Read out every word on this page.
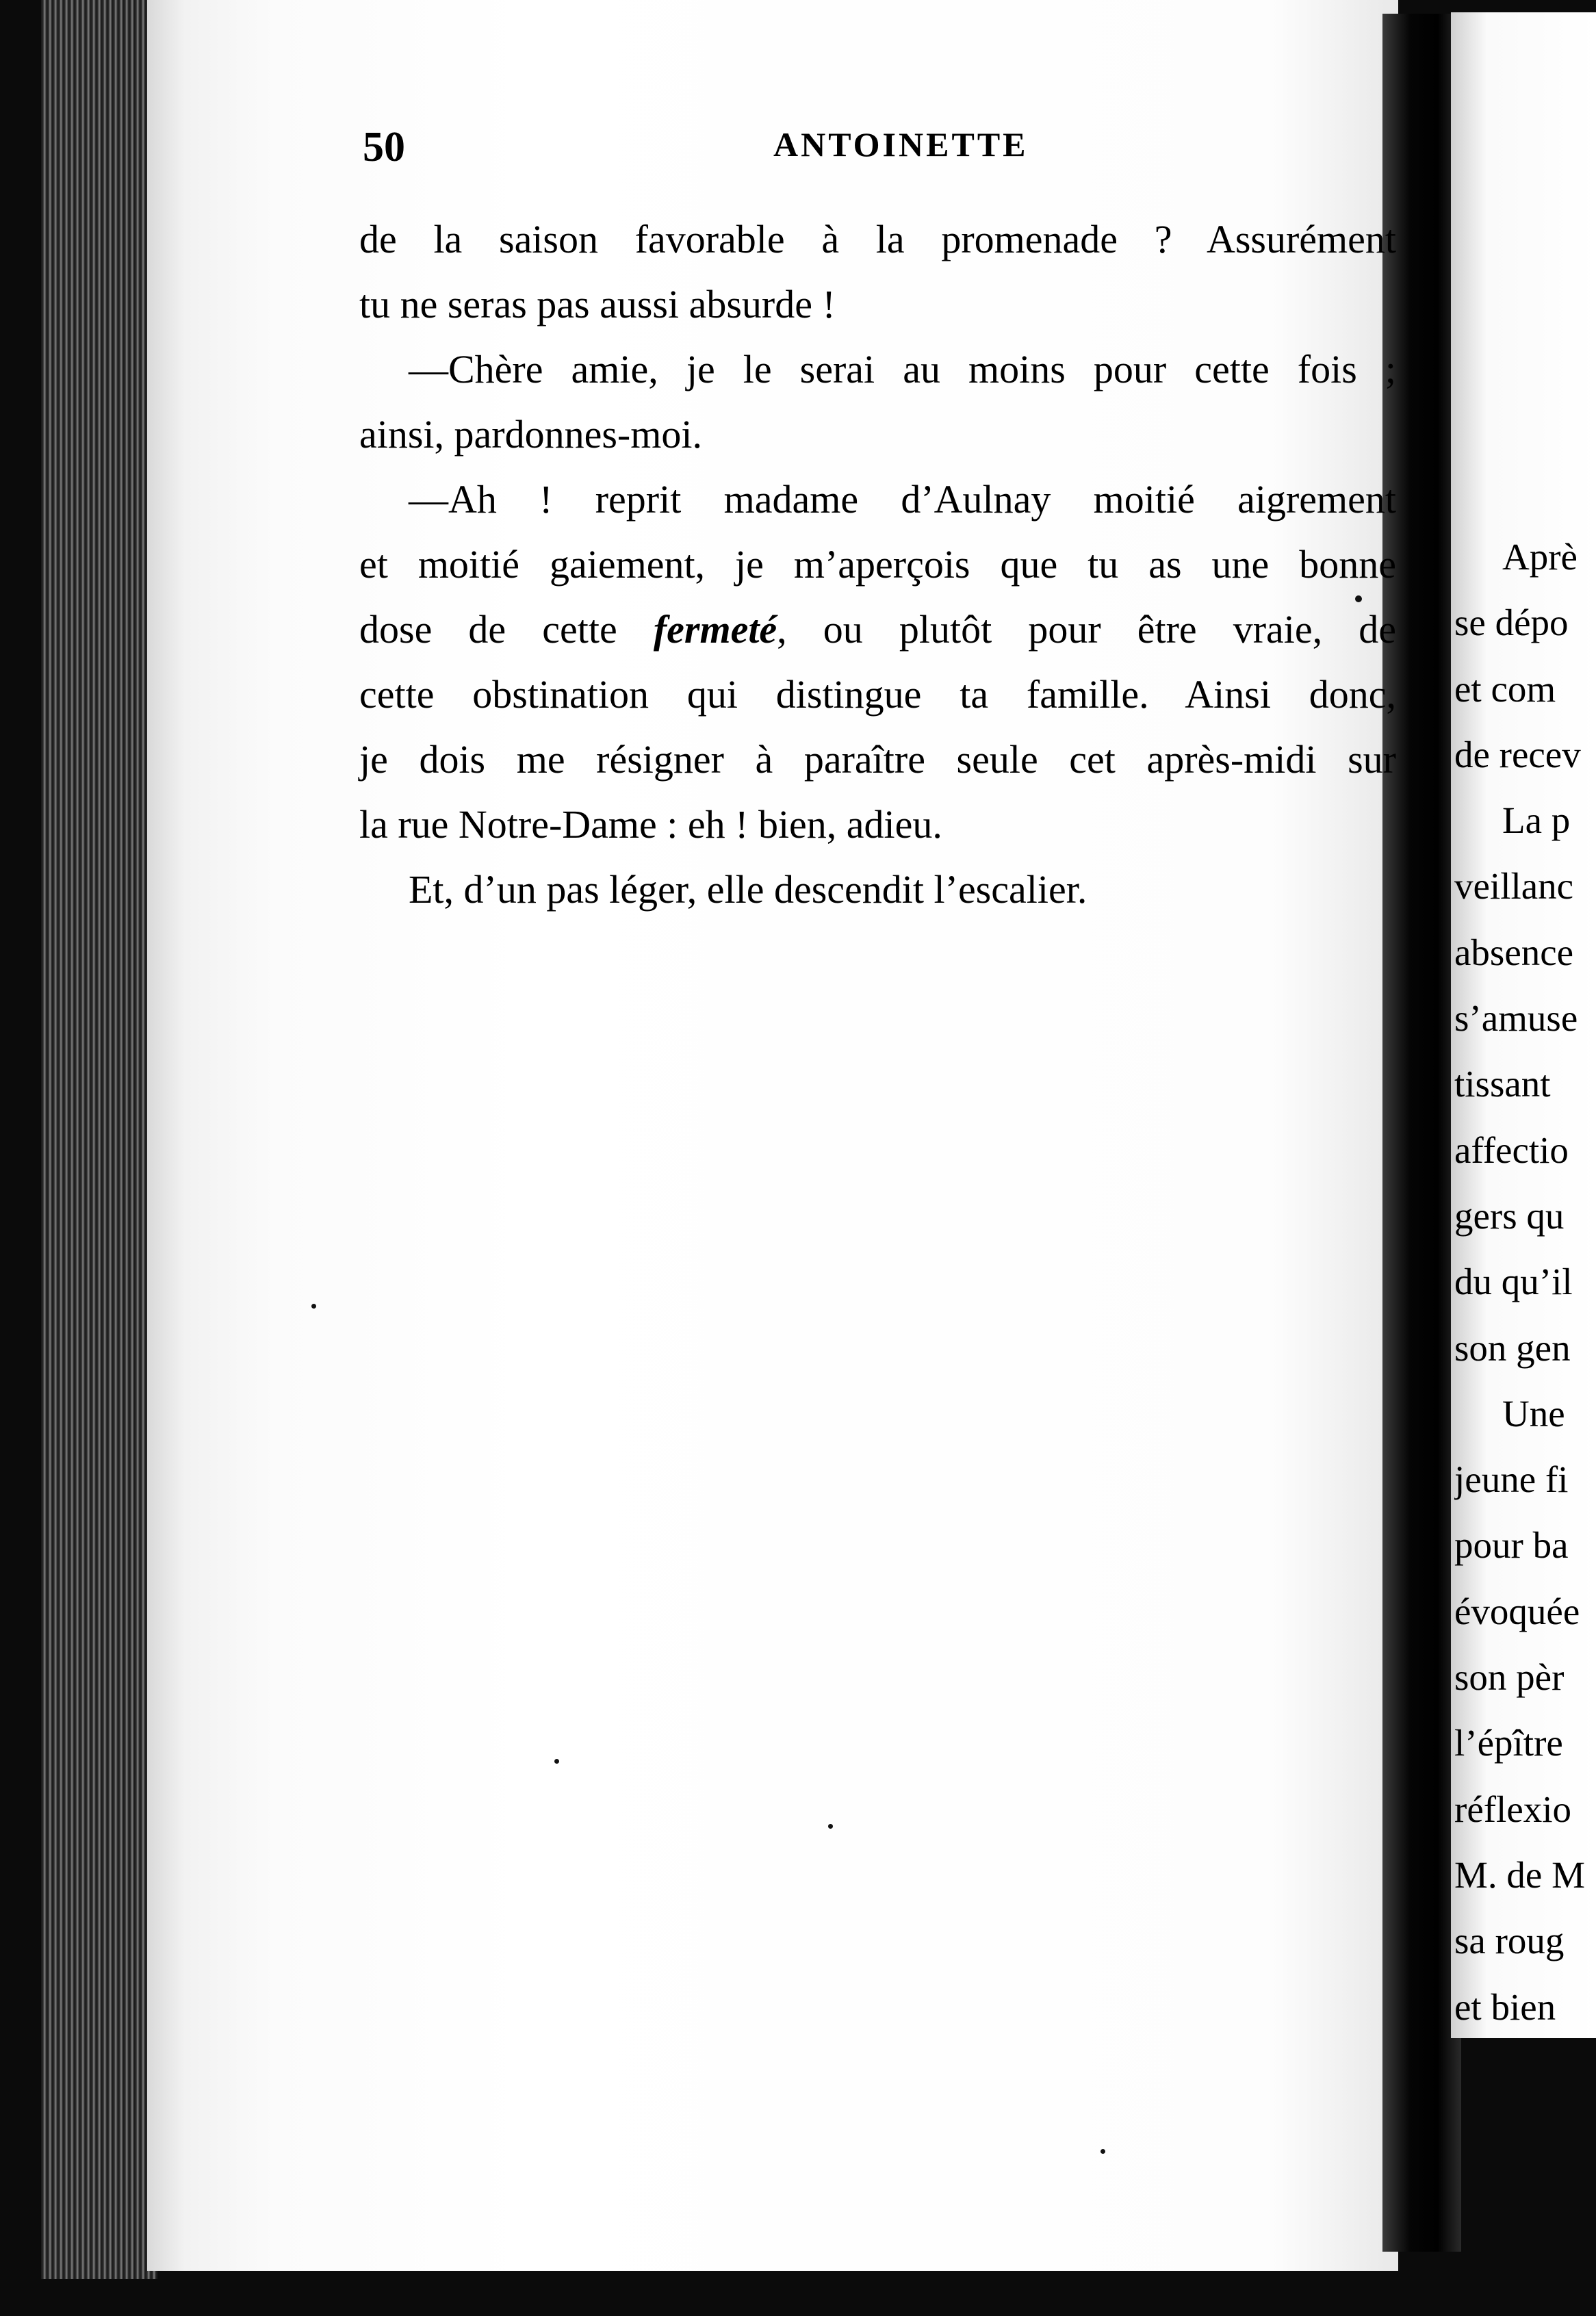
50	ANTOINETTE

de la saison favorable à la promenade ? Assurément
tu ne seras pas aussi absurde !

—Chère amie, je le serai au moins pour cette fois ;
ainsi, pardonnes-moi.

—Ah ! reprit madame d’Aulnay moitié aigrement
et moitié gaiement, je m’aperçois que tu as une bonne
dose de cette fermeté, ou plutôt pour être vraie, de
cette obstination qui distingue ta famille. Ainsi donc,
je dois me résigner à paraître seule cet après-midi sur
la rue Notre-Dame : eh ! bien, adieu.

Et, d’un pas léger, elle descendit l’escalier.

Aprè
se dépo
et com
de recev
La p
veillanc
absence
s’amuse
tissant
affectio
gers qu
du qu’il
son gen
Une
jeune fi
pour ba
évoquée
son pèr
l’épître
réflexio
M. de M
sa roug
et bien
